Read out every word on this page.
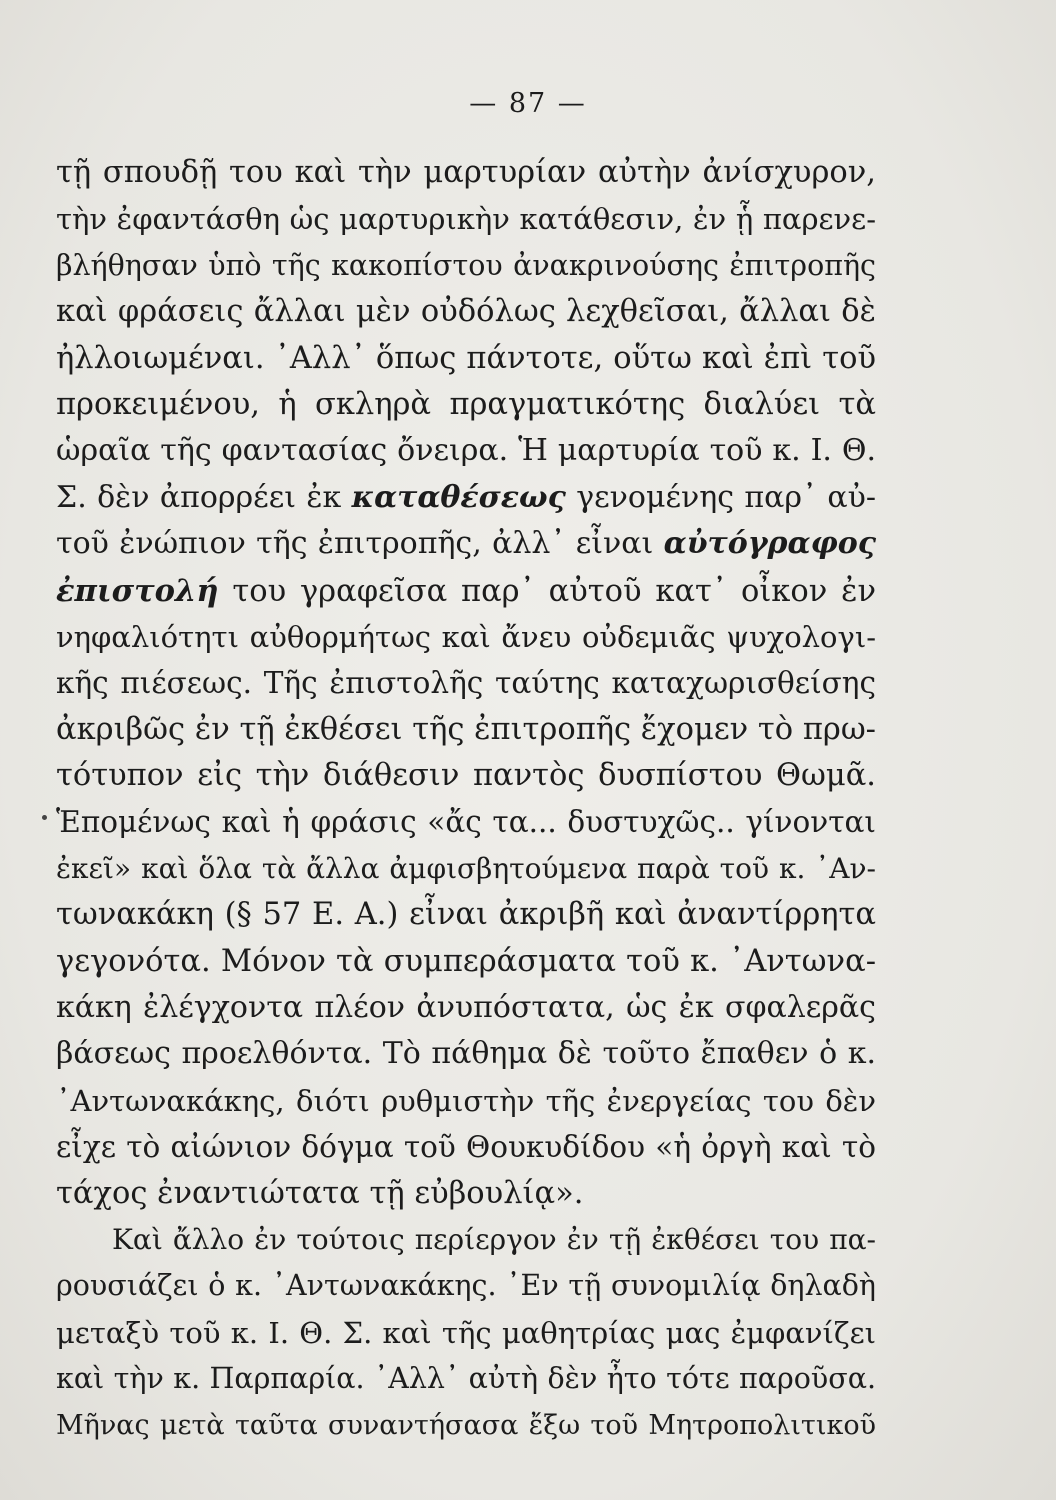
— 87 —
τῇ σπουδῇ του καὶ τὴν μαρτυρίαν αὐτὴν ἀνίσχυρον,
τὴν ἐφαντάσθη ὡς μαρτυρικὴν κατάθεσιν, ἐν ᾗ παρενε-
βλήθησαν ὑπὸ τῆς κακοπίστου ἀνακρινούσης ἐπιτροπῆς
καὶ φράσεις ἄλλαι μὲν οὐδόλως λεχθεῖσαι, ἄλλαι δὲ
ἠλλοιωμέναι. ᾿Αλλ᾿ ὅπως πάντοτε, οὕτω καὶ ἐπὶ τοῦ
προκειμένου, ἡ σκληρὰ πραγματικότης διαλύει τὰ
ὡραῖα τῆς φαντασίας ὄνειρα. Ἡ μαρτυρία τοῦ κ. Ι. Θ.
Σ. δὲν ἀπορρέει ἐκ καταθέσεως γενομένης παρ᾿ αὐ-
τοῦ ἐνώπιον τῆς ἐπιτροπῆς, ἀλλ᾿ εἶναι αὐτόγραφος
ἐπιστολή του γραφεῖσα παρ᾿ αὐτοῦ κατ᾿ οἶκον ἐν
νηφαλιότητι αὐθορμήτως καὶ ἄνευ οὐδεμιᾶς ψυχολογι-
κῆς πιέσεως. Τῆς ἐπιστολῆς ταύτης καταχωρισθείσης
ἀκριβῶς ἐν τῇ ἐκθέσει τῆς ἐπιτροπῆς ἔχομεν τὸ πρω-
τότυπον εἰς τὴν διάθεσιν παντὸς δυσπίστου Θωμᾶ.
Ἑπομένως καὶ ἡ φράσις «ἄς τα... δυστυχῶς.. γίνονται
ἐκεῖ» καὶ ὅλα τὰ ἄλλα ἀμφισβητούμενα παρὰ τοῦ κ. ᾿Αν-
τωνακάκη (§ 57 Ε. Α.) εἶναι ἀκριβῆ καὶ ἀναντίρρητα
γεγονότα. Μόνον τὰ συμπεράσματα τοῦ κ. ᾿Αντωνα-
κάκη ἐλέγχοντα πλέον ἀνυπόστατα, ὡς ἐκ σφαλερᾶς
βάσεως προελθόντα. Τὸ πάθημα δὲ τοῦτο ἔπαθεν ὁ κ.
᾿Αντωνακάκης, διότι ρυθμιστὴν τῆς ἐνεργείας του δὲν
εἶχε τὸ αἰώνιον δόγμα τοῦ Θουκυδίδου «ἡ ὀργὴ καὶ τὸ
τάχος ἐναντιώτατα τῇ εὐβουλίᾳ».
Καὶ ἄλλο ἐν τούτοις περίεργον ἐν τῇ ἐκθέσει του πα-
ρουσιάζει ὁ κ. ᾿Αντωνακάκης. ᾿Εν τῇ συνομιλίᾳ δηλαδὴ
μεταξὺ τοῦ κ. Ι. Θ. Σ. καὶ τῆς μαθητρίας μας ἐμφανίζει
καὶ τὴν κ. Παρπαρία. ᾿Αλλ᾿ αὐτὴ δὲν ἦτο τότε παροῦσα.
Μῆνας μετὰ ταῦτα συναντήσασα ἔξω τοῦ Μητροπολιτικοῦ
